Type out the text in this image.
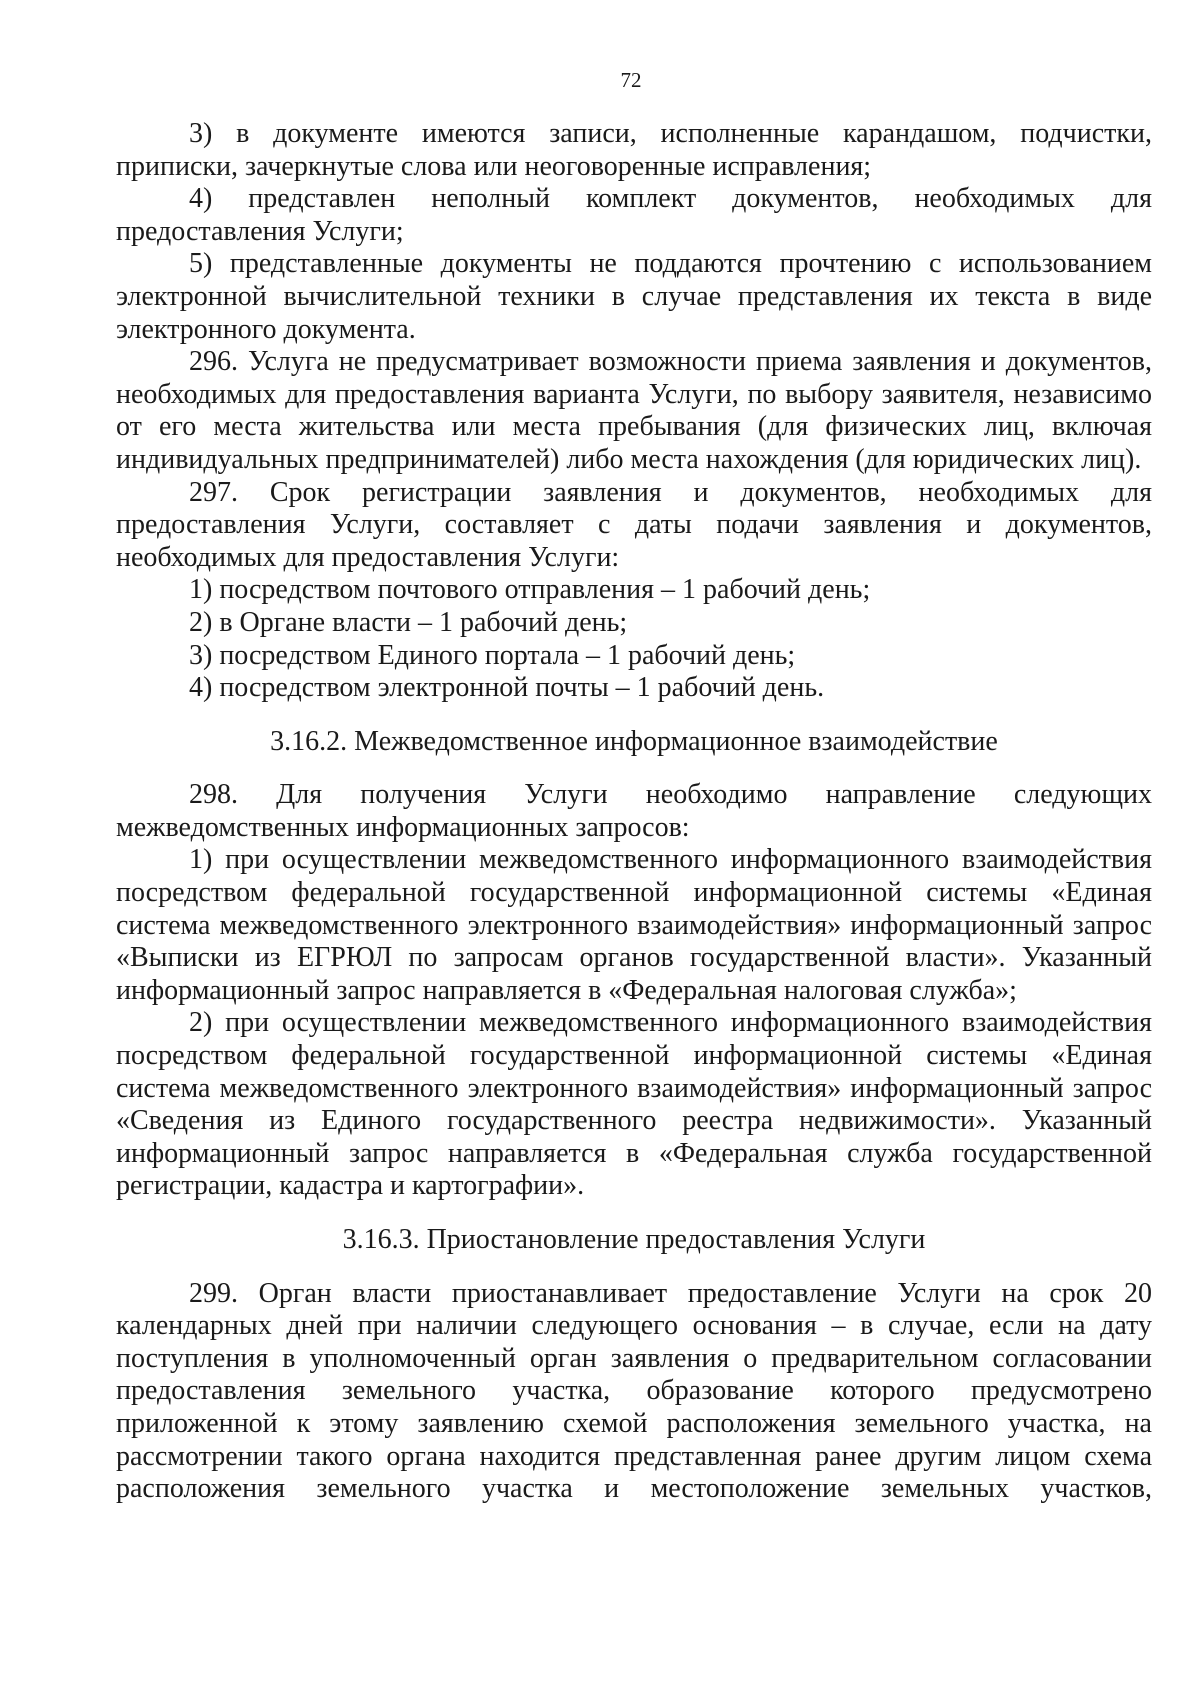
72

3) в документе имеются записи, исполненные карандашом, подчистки, приписки, зачеркнутые слова или неоговоренные исправления;

4) представлен неполный комплект документов, необходимых для предоставления Услуги;

5) представленные документы не поддаются прочтению с использованием электронной вычислительной техники в случае представления их текста в виде электронного документа.

296. Услуга не предусматривает возможности приема заявления и документов, необходимых для предоставления варианта Услуги, по выбору заявителя, независимо от его места жительства или места пребывания (для физических лиц, включая индивидуальных предпринимателей) либо места нахождения (для юридических лиц).

297. Срок регистрации заявления и документов, необходимых для предоставления Услуги, составляет с даты подачи заявления и документов, необходимых для предоставления Услуги:

1) посредством почтового отправления – 1 рабочий день;

2) в Органе власти – 1 рабочий день;

3) посредством Единого портала – 1 рабочий день;

4) посредством электронной почты – 1 рабочий день.

3.16.2. Межведомственное информационное взаимодействие

298. Для получения Услуги необходимо направление следующих межведомственных информационных запросов:

1) при осуществлении межведомственного информационного взаимодействия посредством федеральной государственной информационной системы «Единая система межведомственного электронного взаимодействия» информационный запрос «Выписки из ЕГРЮЛ по запросам органов государственной власти». Указанный информационный запрос направляется в «Федеральная налоговая служба»;

2) при осуществлении межведомственного информационного взаимодействия посредством федеральной государственной информационной системы «Единая система межведомственного электронного взаимодействия» информационный запрос «Сведения из Единого государственного реестра недвижимости». Указанный информационный запрос направляется в «Федеральная служба государственной регистрации, кадастра и картографии».

3.16.3. Приостановление предоставления Услуги

299. Орган власти приостанавливает предоставление Услуги на срок 20 календарных дней при наличии следующего основания – в случае, если на дату поступления в уполномоченный орган заявления о предварительном согласовании предоставления земельного участка, образование которого предусмотрено приложенной к этому заявлению схемой расположения земельного участка, на рассмотрении такого органа находится представленная ранее другим лицом схема расположения земельного участка и местоположение земельных участков,
